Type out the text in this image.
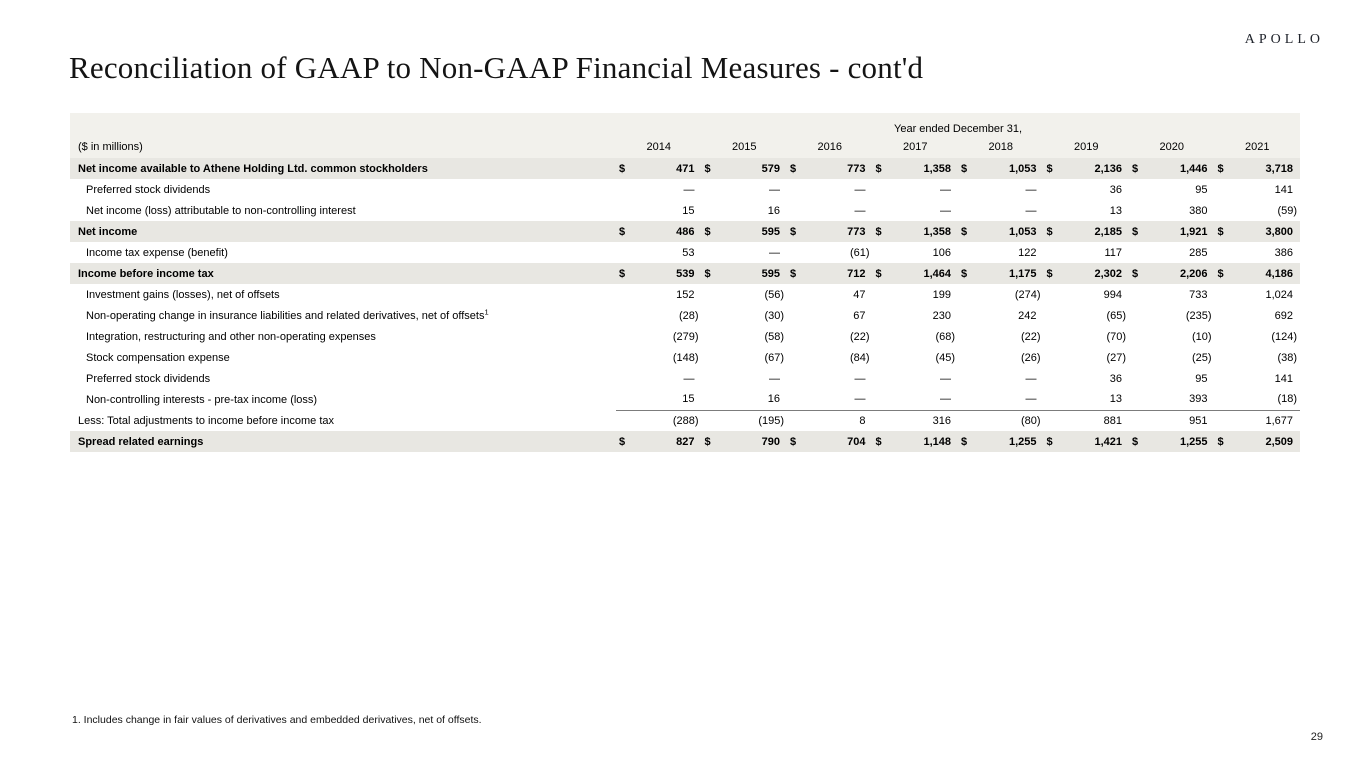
APOLLO
Reconciliation of GAAP to Non-GAAP Financial Measures - cont'd
	Year ended December 31,															
($ in millions)	2014		2015		2016		2017		2018		2019		2020		2021	
Net income available to Athene Holding Ltd. common stockholders	$	471	$	579	$	773	$	1,358	$	1,053	$	2,136	$	1,446	$	3,718
Preferred stock dividends		—		—		—		—		—		36		95		141
Net income (loss) attributable to non-controlling interest		15		16		—		—		—		13		380		(59)
Net income	$	486	$	595	$	773	$	1,358	$	1,053	$	2,185	$	1,921	$	3,800
Income tax expense (benefit)		53		—		(61)		106		122		117		285		386
Income before income tax	$	539	$	595	$	712	$	1,464	$	1,175	$	2,302	$	2,206	$	4,186
Investment gains (losses), net of offsets		152		(56)		47		199		(274)		994		733		1,024
Non-operating change in insurance liabilities and related derivatives, net of offsets$^1$		(28)		(30)		67		230		242		(65)		(235)		692
Integration, restructuring and other non-operating expenses		(279)		(58)		(22)		(68)		(22)		(70)		(10)		(124)
Stock compensation expense		(148)		(67)		(84)		(45)		(26)		(27)		(25)		(38)
Preferred stock dividends		—		—		—		—		—		36		95		141
Non-controlling interests - pre-tax income (loss)		15		16		—		—		—		13		393		(18)
Less: Total adjustments to income before income tax		(288)		(195)		8		316		(80)		881		951		1,677
Spread related earnings	$	827	$	790	$	704	$	1,148	$	1,255	$	1,421	$	1,255	$	2,509
1. Includes change in fair values of derivatives and embedded derivatives, net of offsets.
29
